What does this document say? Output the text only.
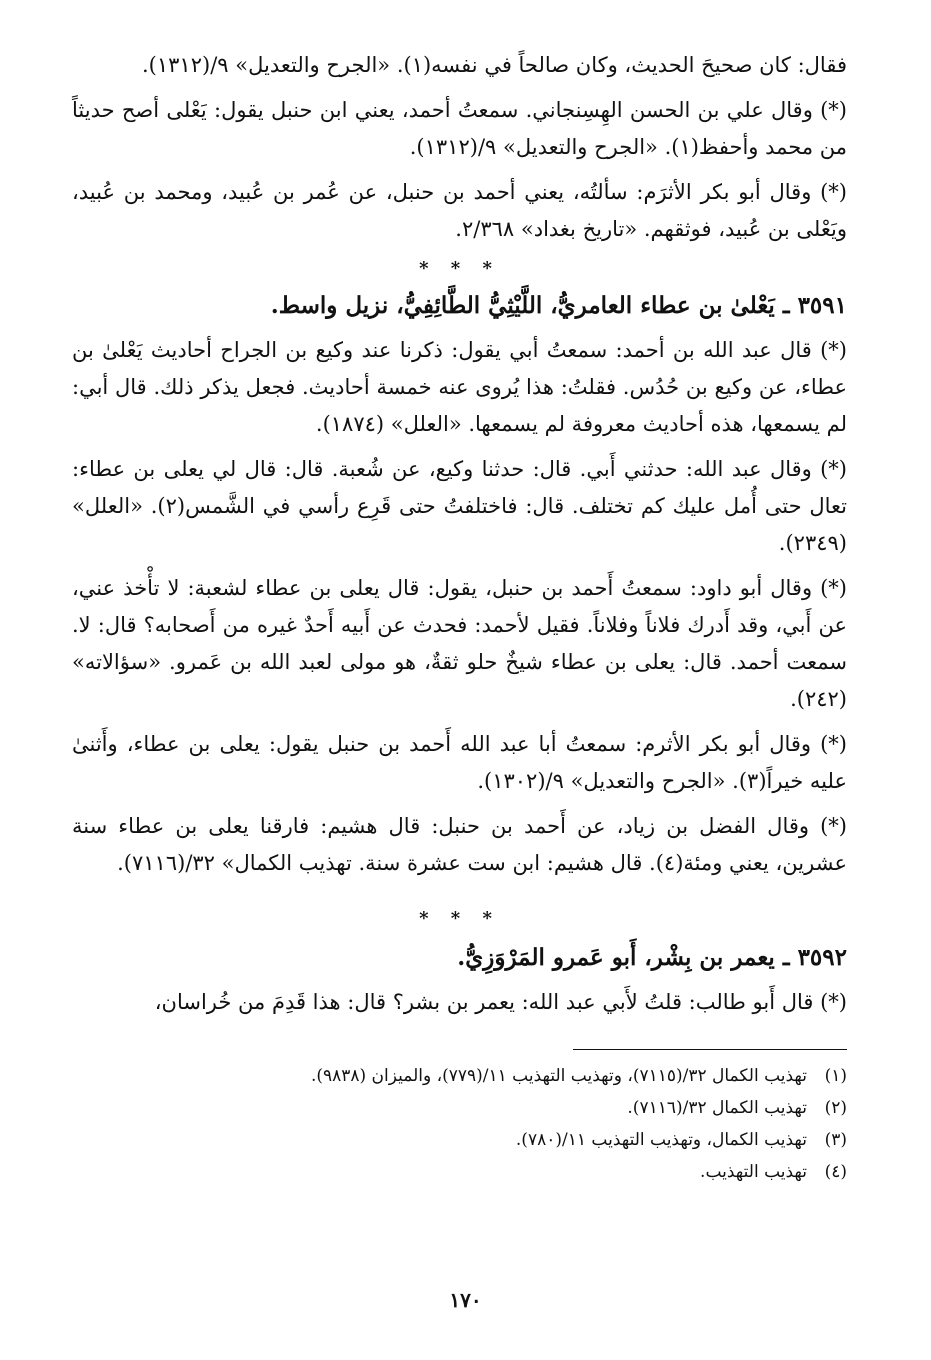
فقال: كان صحيحَ الحديث، وكان صالحاً في نفسه(١). «الجرح والتعديل» ٩/(١٣١٢).

(*) وقال علي بن الحسن الهِسِنجاني. سمعتُ أحمد، يعني ابن حنبل يقول: يَعْلى أصح حديثاً من محمد وأحفظ(١). «الجرح والتعديل» ٩/(١٣١٢).

(*) وقال أبو بكر الأثرَم: سألتُه، يعني أحمد بن حنبل، عن عُمر بن عُبيد، ومحمد بن عُبيد، ويَعْلى بن عُبيد، فوثقهم. «تاريخ بغداد» ٢/٣٦٨.

* * *
٣٥٩١ ـ يَعْلىٰ بن عطاء العامريُّ، اللَّيْثِيُّ الطَّائِفِيُّ، نزيل واسط.

(*) قال عبد الله بن أحمد: سمعتُ أبي يقول: ذكرنا عند وكيع بن الجراح أحاديث يَعْلىٰ بن عطاء، عن وكيع بن حُدُس. فقلتُ: هذا يُروى عنه خمسة أحاديث. فجعل يذكر ذلك. قال أبي: لم يسمعها، هذه أحاديث معروفة لم يسمعها. «العلل» (١٨٧٤).

(*) وقال عبد الله: حدثني أَبي. قال: حدثنا وكيع، عن شُعبة. قال: قال لي يعلى بن عطاء: تعال حتى أُمل عليك كم تختلف. قال: فاختلفتُ حتى قَرِع رأسي في الشَّمس(٢). «العلل» (٢٣٤٩).

(*) وقال أبو داود: سمعتُ أَحمد بن حنبل، يقول: قال يعلى بن عطاء لشعبة: لا تأْخذ عني، عن أَبي، وقد أَدرك فلاناً وفلاناً. فقيل لأحمد: فحدث عن أَبيه أَحدٌ غيره من أَصحابه؟ قال: لا. سمعت أحمد. قال: يعلى بن عطاء شيخٌ حلو ثقةٌ، هو مولى لعبد الله بن عَمرو. «سؤالاته» (٢٤٢).

(*) وقال أبو بكر الأثرم: سمعتُ أبا عبد الله أَحمد بن حنبل يقول: يعلى بن عطاء، وأَثنىٰ عليه خيراً(٣). «الجرح والتعديل» ٩/(١٣٠٢).

(*) وقال الفضل بن زياد، عن أَحمد بن حنبل: قال هشيم: فارقنا يعلى بن عطاء سنة عشرين، يعني ومئة(٤). قال هشيم: ابن ست عشرة سنة. تهذيب الكمال» ٣٢/(٧١١٦).

* * *
٣٥٩٢ ـ يعمر بن بِشْر، أَبو عَمرو المَرْوَزِيُّ.

(*) قال أَبو طالب: قلتُ لأَبي عبد الله: يعمر بن بشر؟ قال: هذا قَدِمَ من خُراسان،

(١)تهذيب الكمال ٣٢/(٧١١٥)، وتهذيب التهذيب ١١/(٧٧٩)، والميزان (٩٨٣٨).

(٢)تهذيب الكمال ٣٢/(٧١١٦).

(٣)تهذيب الكمال، وتهذيب التهذيب ١١/(٧٨٠).

(٤)تهذيب التهذيب.

١٧٠
